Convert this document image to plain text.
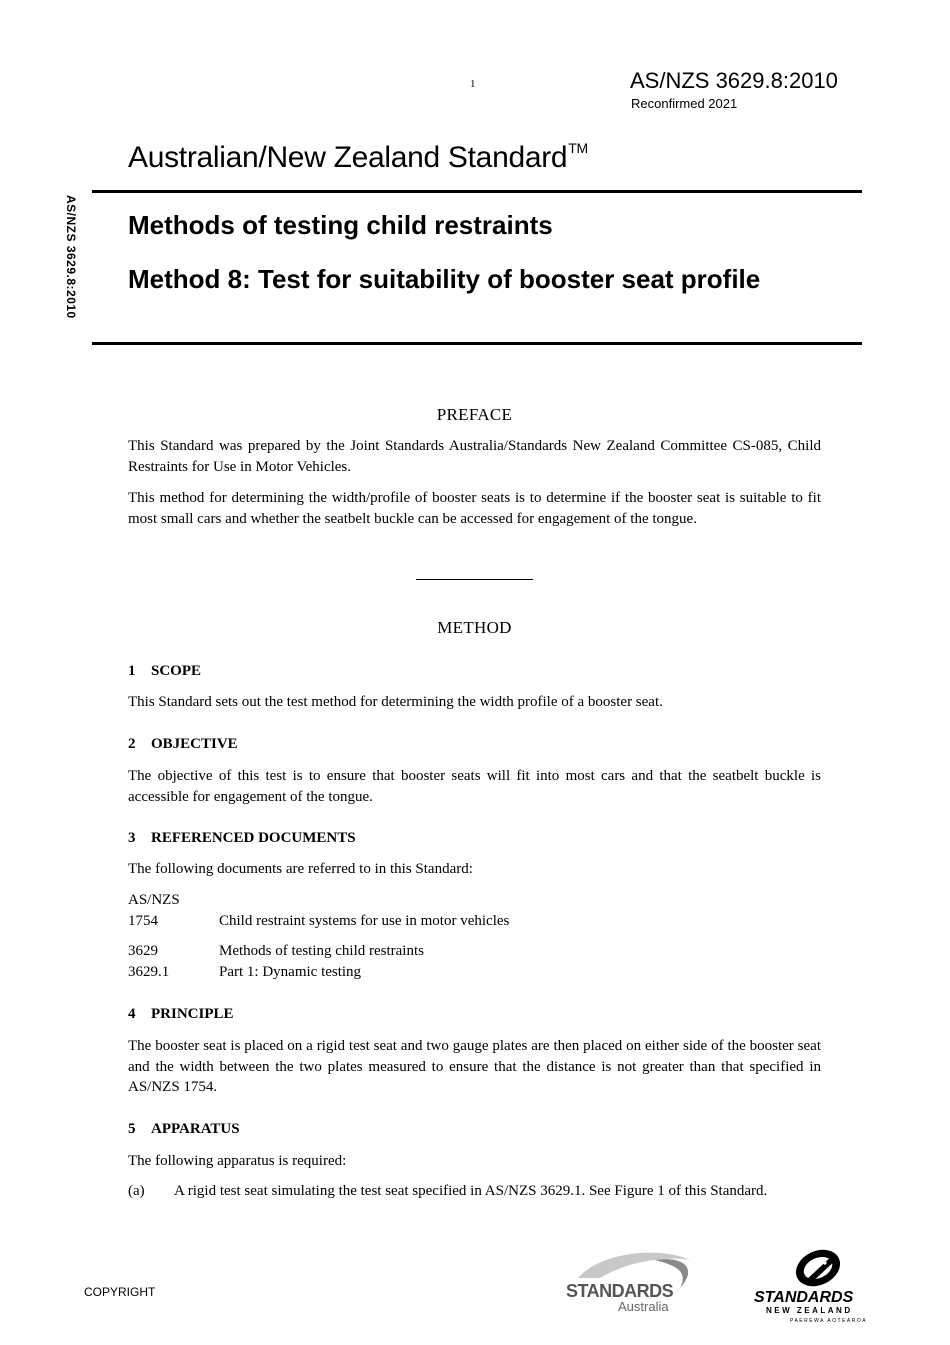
1	AS/NZS 3629.8:2010
Reconfirmed 2021
Australian/New Zealand Standard™
AS/NZS 3629.8:2010 Methods of testing child restraints
Method 8: Test for suitability of booster seat profile
PREFACE
This Standard was prepared by the Joint Standards Australia/Standards New Zealand Committee CS-085, Child Restraints for Use in Motor Vehicles.
This method for determining the width/profile of booster seats is to determine if the booster seat is suitable to fit most small cars and whether the seatbelt buckle can be accessed for engagement of the tongue.
METHOD
1 SCOPE
This Standard sets out the test method for determining the width profile of a booster seat.
2 OBJECTIVE
The objective of this test is to ensure that booster seats will fit into most cars and that the seatbelt buckle is accessible for engagement of the tongue.
3 REFERENCED DOCUMENTS
The following documents are referred to in this Standard:
AS/NZS
1754	Child restraint systems for use in motor vehicles
3629	Methods of testing child restraints
3629.1	Part 1: Dynamic testing
4 PRINCIPLE
The booster seat is placed on a rigid test seat and two gauge plates are then placed on either side of the booster seat and the width between the two plates measured to ensure that the distance is not greater than that specified in AS/NZS 1754.
5 APPARATUS
The following apparatus is required:
(a) A rigid test seat simulating the test seat specified in AS/NZS 3629.1. See Figure 1 of this Standard.
COPYRIGHT	STANDARDS
Australia
STANDARDS
NEW ZEALAND
PAEREWA AOTEAROA
